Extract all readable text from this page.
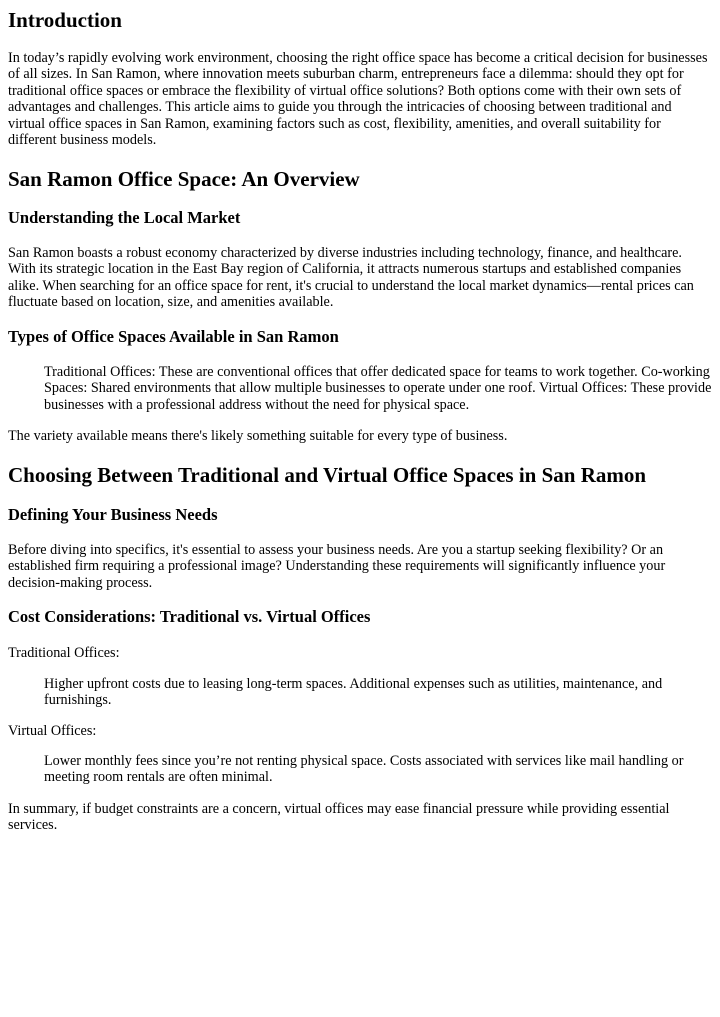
Introduction

In today’s rapidly evolving work environment, choosing the right office space has become a critical decision for businesses of all sizes. In San Ramon, where innovation meets suburban charm, entrepreneurs face a dilemma: should they opt for traditional office spaces or embrace the flexibility of virtual office solutions? Both options come with their own sets of advantages and challenges. This article aims to guide you through the intricacies of choosing between traditional and virtual office spaces in San Ramon, examining factors such as cost, flexibility, amenities, and overall suitability for different business models.

San Ramon Office Space: An Overview
Understanding the Local Market

San Ramon boasts a robust economy characterized by diverse industries including technology, finance, and healthcare. With its strategic location in the East Bay region of California, it attracts numerous startups and established companies alike. When searching for an office space for rent, it's crucial to understand the local market dynamics—rental prices can fluctuate based on location, size, and amenities available.

Types of Office Spaces Available in San Ramon

Traditional Offices: These are conventional offices that offer dedicated space for teams to work together. Co-working Spaces: Shared environments that allow multiple businesses to operate under one roof. Virtual Offices: These provide businesses with a professional address without the need for physical space.

The variety available means there's likely something suitable for every type of business.

Choosing Between Traditional and Virtual Office Spaces in San Ramon
Defining Your Business Needs

Before diving into specifics, it's essential to assess your business needs. Are you a startup seeking flexibility? Or an established firm requiring a professional image? Understanding these requirements will significantly influence your decision-making process.

Cost Considerations: Traditional vs. Virtual Offices

Traditional Offices:

Higher upfront costs due to leasing long-term spaces. Additional expenses such as utilities, maintenance, and furnishings.

Virtual Offices:

Lower monthly fees since you’re not renting physical space. Costs associated with services like mail handling or meeting room rentals are often minimal.

In summary, if budget constraints are a concern, virtual offices may ease financial pressure while providing essential services.
